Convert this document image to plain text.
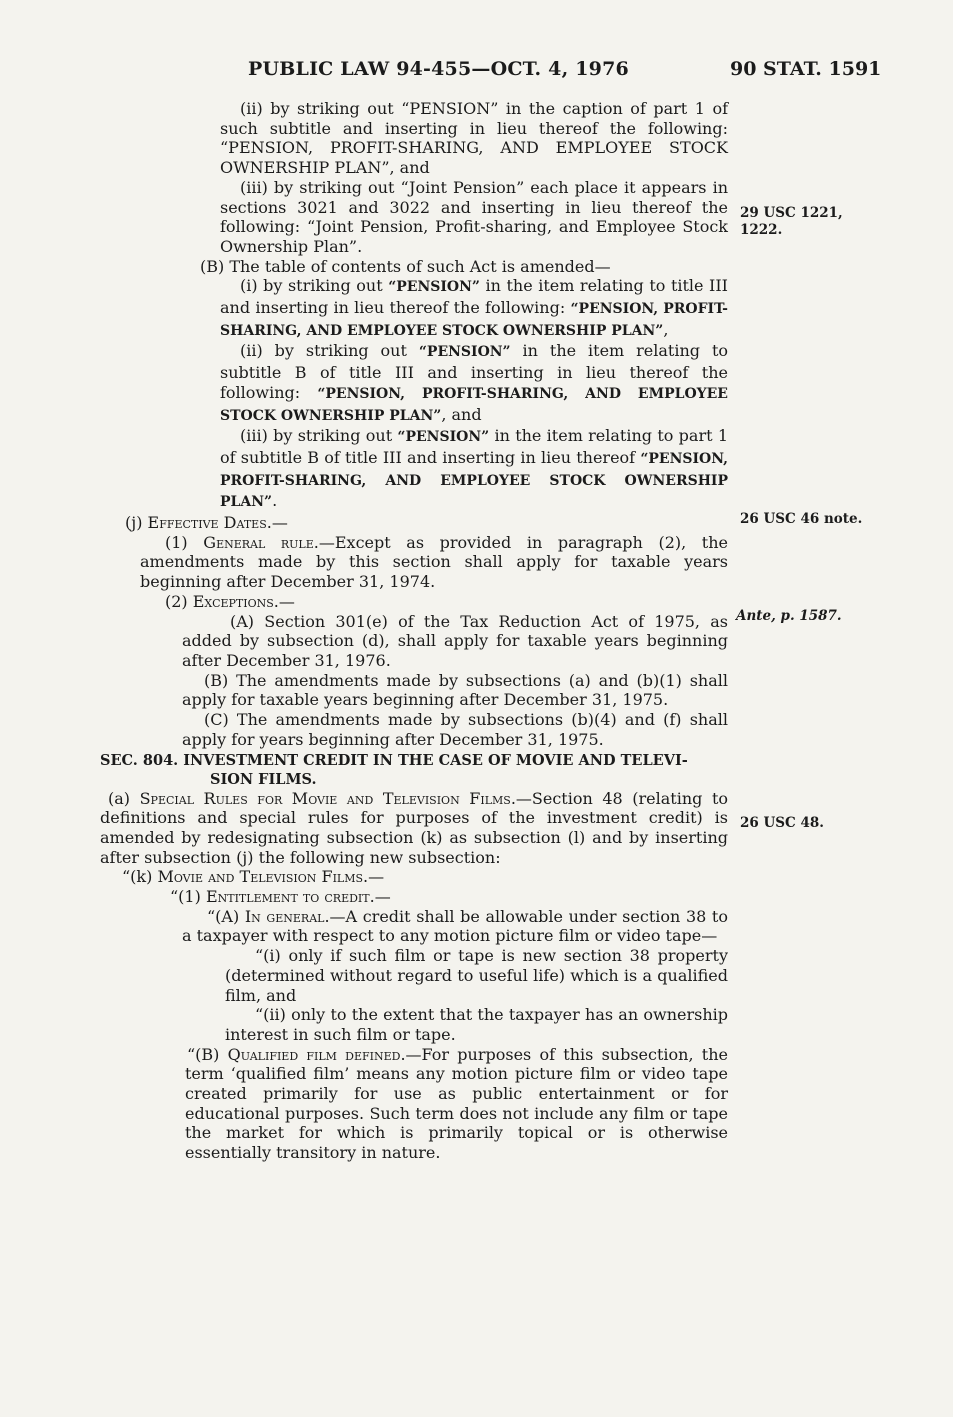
PUBLIC LAW 94-455—OCT. 4, 1976	90 STAT. 1591
29 USC 1221,
1222.
26 USC 46 note.
Ante, p. 1587.
26 USC 48.

(ii) by striking out “PENSION” in the caption of part 1 of such subtitle and inserting in lieu thereof the following: “PENSION, PROFIT-SHARING, AND EMPLOYEE STOCK OWNERSHIP PLAN”, and

(iii) by striking out “Joint Pension” each place it appears in sections 3021 and 3022 and inserting in lieu thereof the following: “Joint Pension, Profit-sharing, and Employee Stock Ownership Plan”.

(B) The table of contents of such Act is amended—

(i) by striking out “PENSION” in the item relating to title III and inserting in lieu thereof the following: “PENSION, PROFIT-SHARING, AND EMPLOYEE STOCK OWNERSHIP PLAN”,

(ii) by striking out “PENSION” in the item relating to subtitle B of title III and inserting in lieu thereof the following: “PENSION, PROFIT-SHARING, AND EMPLOYEE STOCK OWNERSHIP PLAN”, and

(iii) by striking out “PENSION” in the item relating to part 1 of subtitle B of title III and inserting in lieu thereof “PENSION, PROFIT-SHARING, AND EMPLOYEE STOCK OWNERSHIP PLAN”.

(j) Effective Dates.—

(1) General rule.—Except as provided in paragraph (2), the amendments made by this section shall apply for taxable years beginning after December 31, 1974.

(2) Exceptions.—

(A) Section 301(e) of the Tax Reduction Act of 1975, as added by subsection (d), shall apply for taxable years beginning after December 31, 1976.

(B) The amendments made by subsections (a) and (b)(1) shall apply for taxable years beginning after December 31, 1975.

(C) The amendments made by subsections (b)(4) and (f) shall apply for years beginning after December 31, 1975.

SEC. 804. INVESTMENT CREDIT IN THE CASE OF MOVIE AND TELEVI-
SION FILMS.

(a) Special Rules for Movie and Television Films.—Section 48 (relating to definitions and special rules for purposes of the investment credit) is amended by redesignating subsection (k) as subsection (l) and by inserting after subsection (j) the following new subsection:

“(k) Movie and Television Films.—

“(1) Entitlement to credit.—

“(A) In general.—A credit shall be allowable under section 38 to a taxpayer with respect to any motion picture film or video tape—

“(i) only if such film or tape is new section 38 property (determined without regard to useful life) which is a qualified film, and

“(ii) only to the extent that the taxpayer has an ownership interest in such film or tape.

“(B) Qualified film defined.—For purposes of this subsection, the term ‘qualified film’ means any motion picture film or video tape created primarily for use as public entertainment or for educational purposes. Such term does not include any film or tape the market for which is primarily topical or is otherwise essentially transitory in nature.
